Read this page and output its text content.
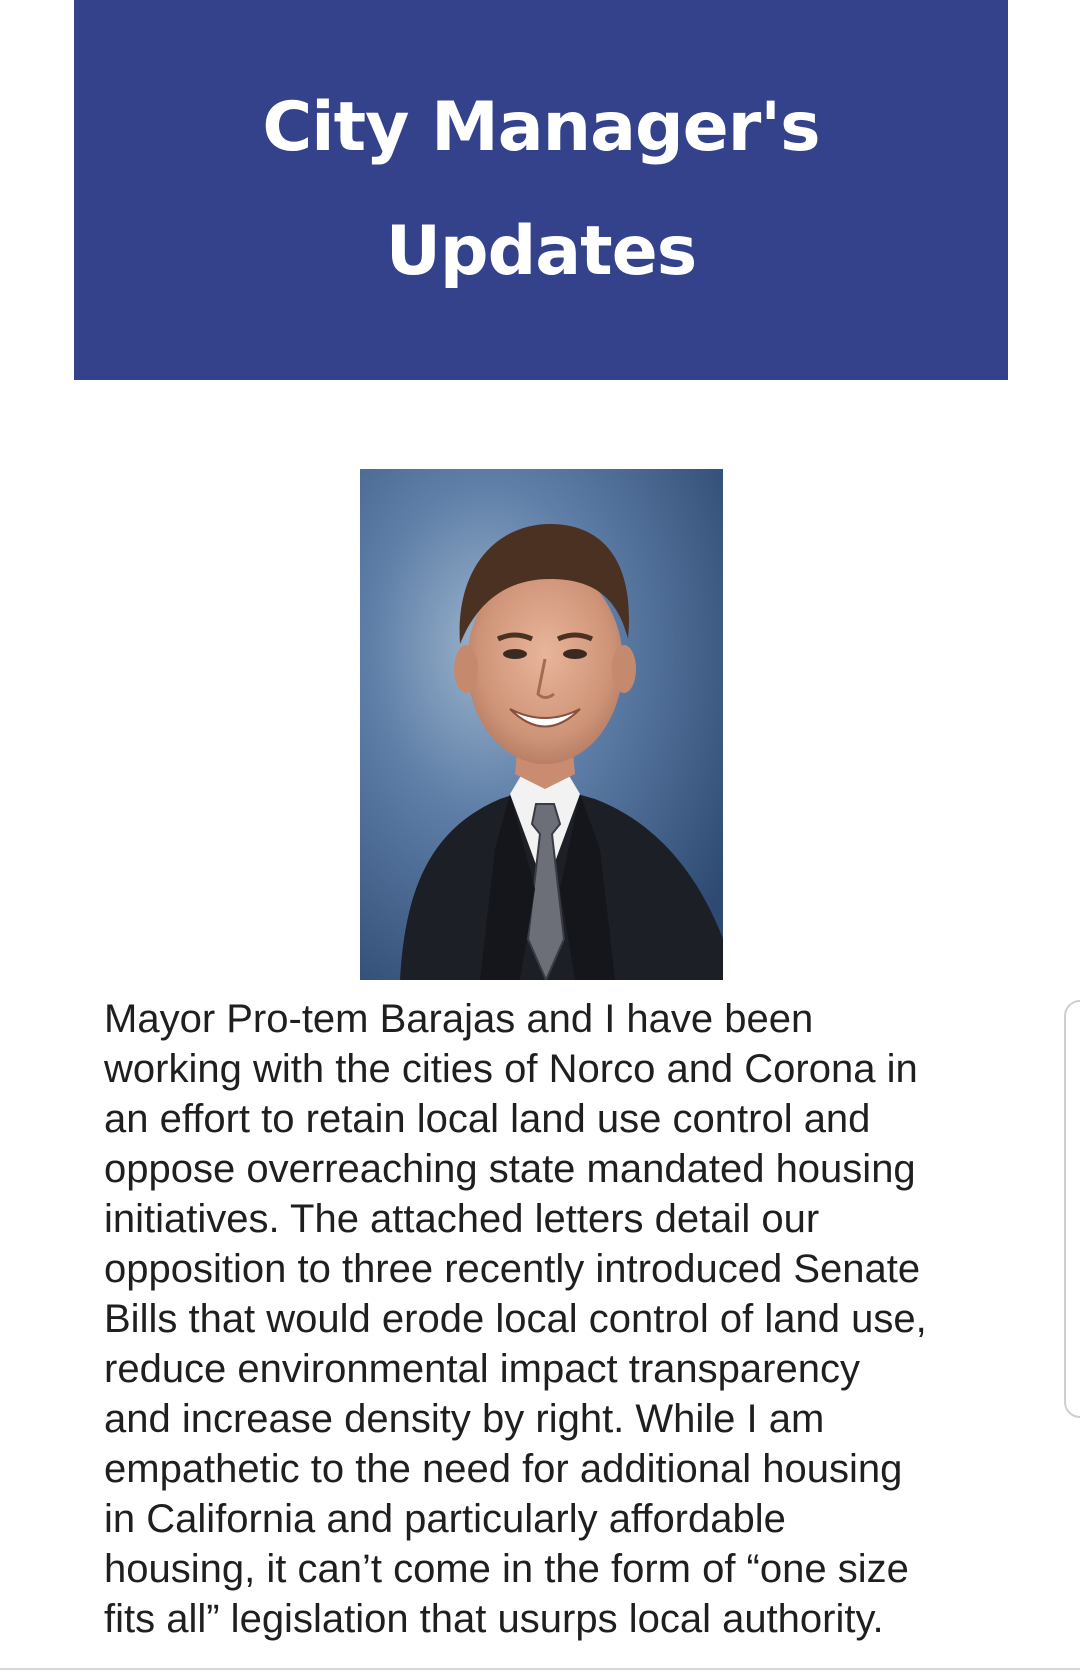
City Manager's
Updates

Mayor Pro-tem Barajas and I have been
working with the cities of Norco and Corona in
an effort to retain local land use control and
oppose overreaching state mandated housing
initiatives. The attached letters detail our
opposition to three recently introduced Senate
Bills that would erode local control of land use,
reduce environmental impact transparency
and increase density by right. While I am
empathetic to the need for additional housing
in California and particularly affordable
housing, it can’t come in the form of “one size
fits all” legislation that usurps local authority.
